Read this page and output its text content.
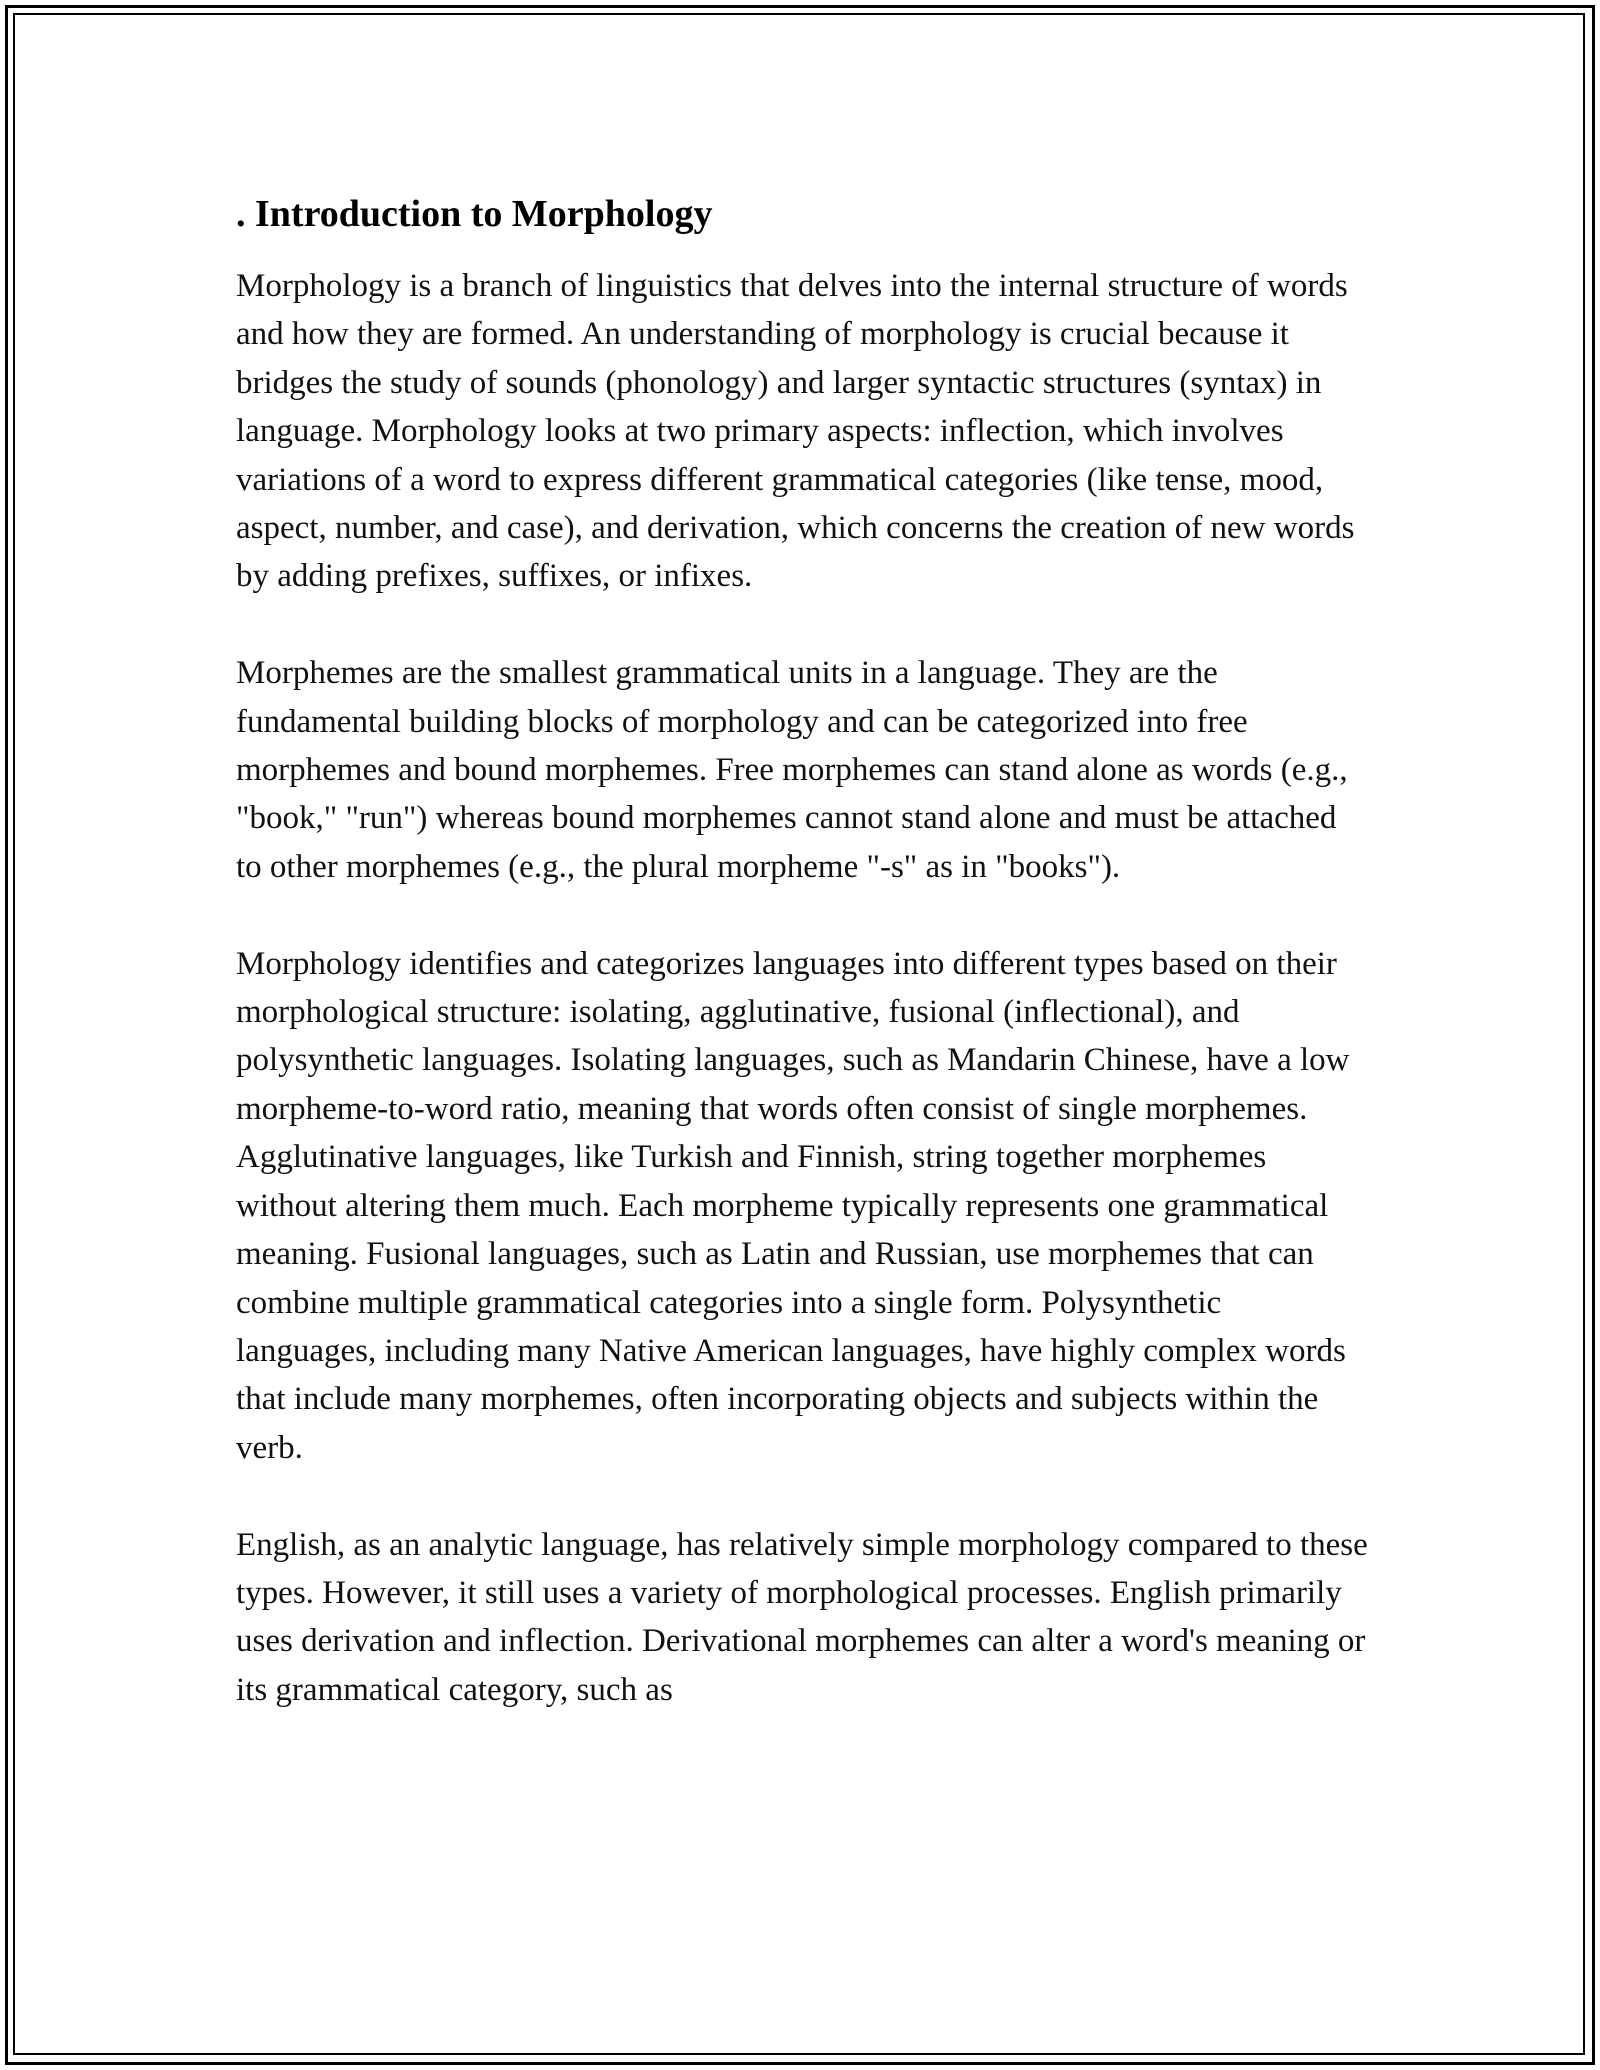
. Introduction to Morphology

Morphology is a branch of linguistics that delves into the internal structure of words and how they are formed. An understanding of morphology is crucial because it bridges the study of sounds (phonology) and larger syntactic structures (syntax) in language. Morphology looks at two primary aspects: inflection, which involves variations of a word to express different grammatical categories (like tense, mood, aspect, number, and case), and derivation, which concerns the creation of new words by adding prefixes, suffixes, or infixes.

Morphemes are the smallest grammatical units in a language. They are the fundamental building blocks of morphology and can be categorized into free morphemes and bound morphemes. Free morphemes can stand alone as words (e.g., "book," "run") whereas bound morphemes cannot stand alone and must be attached to other morphemes (e.g., the plural morpheme "-s" as in "books").

Morphology identifies and categorizes languages into different types based on their morphological structure: isolating, agglutinative, fusional (inflectional), and polysynthetic languages. Isolating languages, such as Mandarin Chinese, have a low morpheme-to-word ratio, meaning that words often consist of single morphemes. Agglutinative languages, like Turkish and Finnish, string together morphemes without altering them much. Each morpheme typically represents one grammatical meaning. Fusional languages, such as Latin and Russian, use morphemes that can combine multiple grammatical categories into a single form. Polysynthetic languages, including many Native American languages, have highly complex words that include many morphemes, often incorporating objects and subjects within the verb.

English, as an analytic language, has relatively simple morphology compared to these types. However, it still uses a variety of morphological processes. English primarily uses derivation and inflection. Derivational morphemes can alter a word's meaning or its grammatical category, such as
